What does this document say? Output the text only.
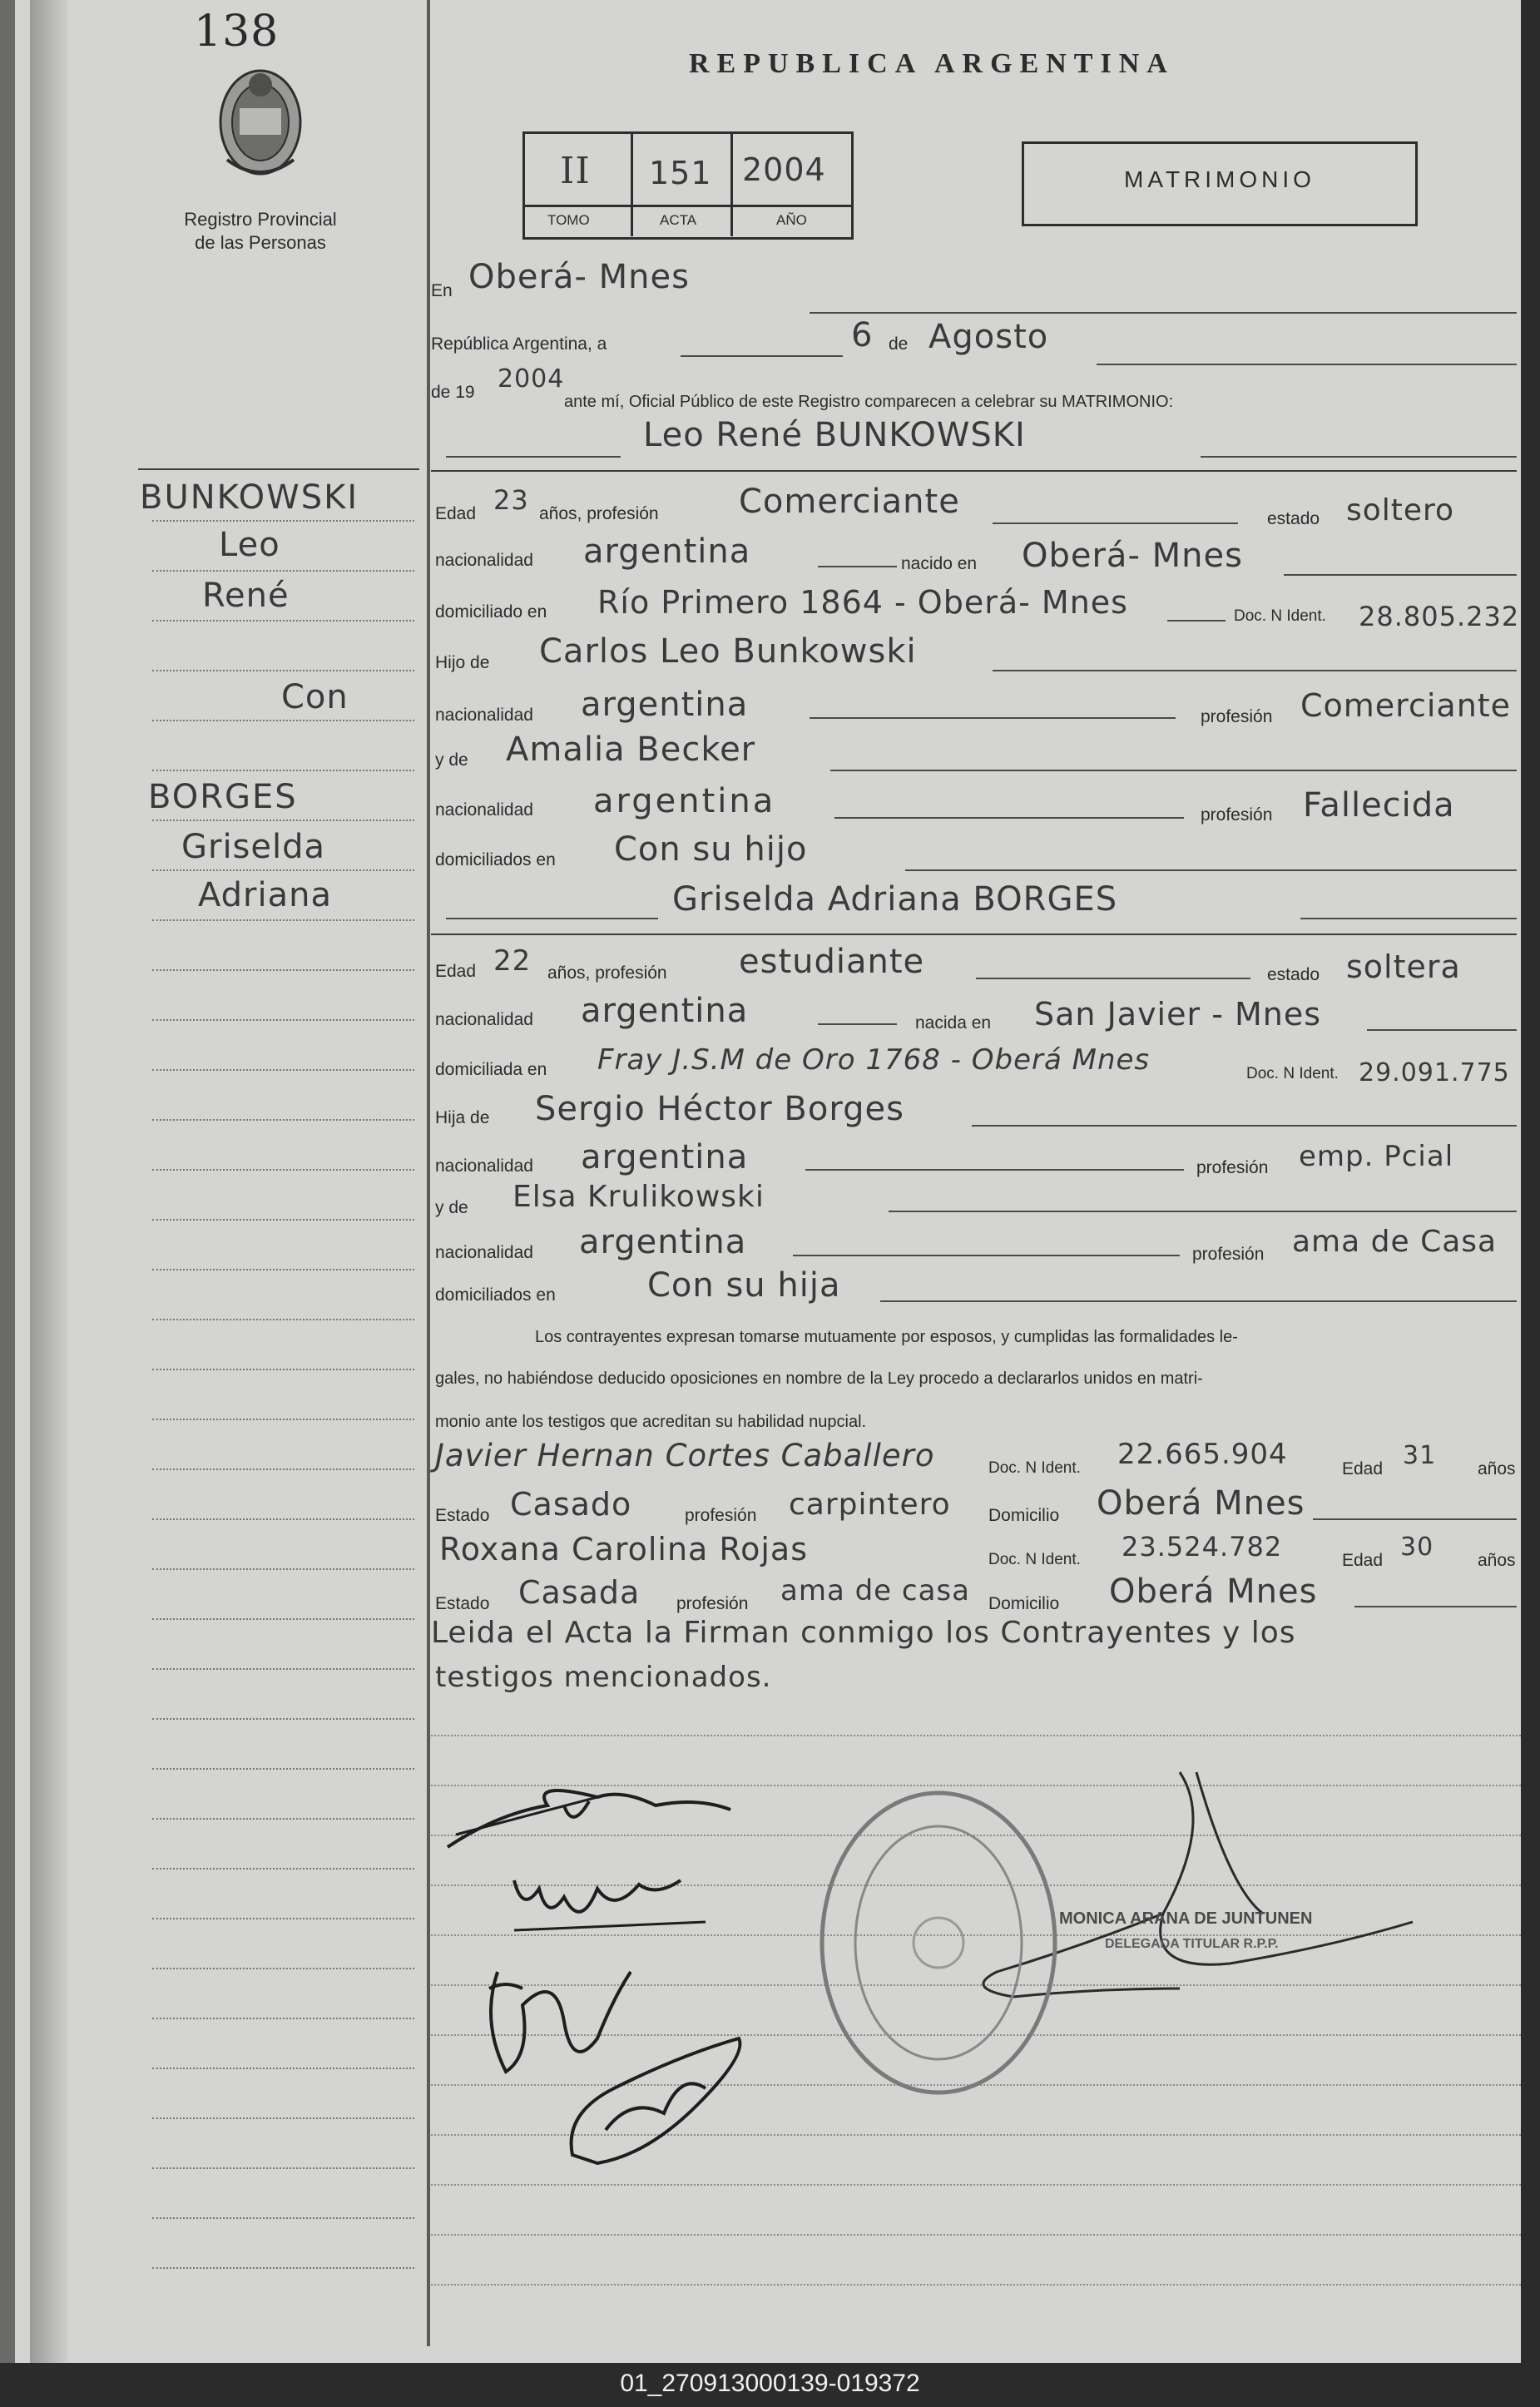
138
Registro Provincial
de las Personas
REPUBLICA ARGENTINA
II 151 2004
TOMO	ACTA	AÑO
MATRIMONIO
BUNKOWSKI
Leo
René
Con
BORGES
Griselda
Adriana
En Oberá- Mnes
República Argentina, a	6 de Agosto
de 19 2004
ante mí, Oficial Público de este Registro comparecen a celebrar su MATRIMONIO:
Leo René BUNKOWSKI
Edad 23 años, profesión Comerciante	estado soltero
nacionalidad argentina	nacido en Oberá- Mnes
domiciliado en Río Primero 1864 - Oberá- Mnes	Doc. N Ident. 28.805.232
Hijo de Carlos Leo Bunkowski
nacionalidad argentina	profesión Comerciante
y de Amalia Becker
nacionalidad argentina	profesión Fallecida
domiciliados en Con su hijo
Griselda Adriana BORGES
Edad 22 años, profesión estudiante	estado soltera
nacionalidad argentina	nacida en San Javier - Mnes
domiciliada en Fray J.S.M de Oro 1768 - Oberá Mnes	Doc. N Ident. 29.091.775
Hija de Sergio Héctor Borges
nacionalidad argentina	profesión emp. Pcial
y de Elsa Krulikowski
nacionalidad argentina	profesión ama de Casa
domiciliados en	Con su hija
Los contrayentes expresan tomarse mutuamente por esposos, y cumplidas las formalidades le-
gales, no habiéndose deducido oposiciones en nombre de la Ley procedo a declararlos unidos en matri-
monio ante los testigos que acreditan su habilidad nupcial.
Javier Hernan Cortes Caballero	Doc. N Ident. 22.665.904	Edad 31 años
Estado Casado	profesión carpintero Domicilio Oberá Mnes
Roxana Carolina Rojas	Doc. N Ident. 23.524.782	Edad 30	años
Estado Casada profesión ama de casa Domicilio Oberá Mnes
Leida el Acta la Firman conmigo los Contrayentes y los
testigos mencionados.
MONICA ARANA DE JUNTUNEN
DELEGADA TITULAR R.P.P.
01_270913000139-019372
